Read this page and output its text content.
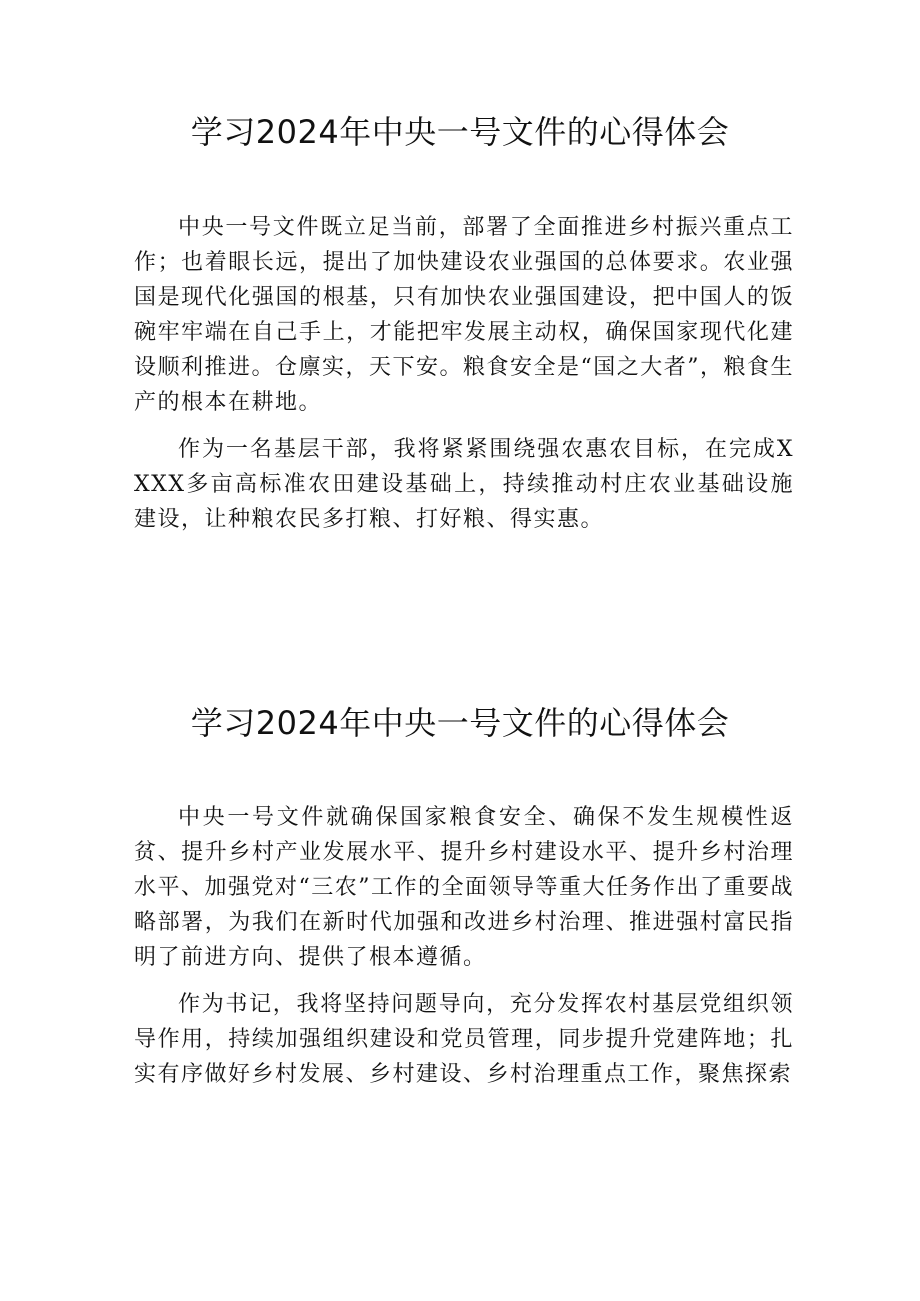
学习2024年中央一号文件的心得体会

中央一号文件既立足当前，部署了全面推进乡村振兴重点工作；也着眼长远，提出了加快建设农业强国的总体要求。农业强国是现代化强国的根基，只有加快农业强国建设，把中国人的饭碗牢牢端在自己手上，才能把牢发展主动权，确保国家现代化建设顺利推进。仓廪实，天下安。粮食安全是“国之大者”，粮食生产的根本在耕地。

作为一名基层干部，我将紧紧围绕强农惠农目标，在完成XXXX多亩高标准农田建设基础上，持续推动村庄农业基础设施建设，让种粮农民多打粮、打好粮、得实惠。

学习2024年中央一号文件的心得体会

中央一号文件就确保国家粮食安全、确保不发生规模性返贫、提升乡村产业发展水平、提升乡村建设水平、提升乡村治理水平、加强党对“三农”工作的全面领导等重大任务作出了重要战略部署，为我们在新时代加强和改进乡村治理、推进强村富民指明了前进方向、提供了根本遵循。

作为书记，我将坚持问题导向，充分发挥农村基层党组织领导作用，持续加强组织建设和党员管理，同步提升党建阵地；扎实有序做好乡村发展、乡村建设、乡村治理重点工作，聚焦探索
